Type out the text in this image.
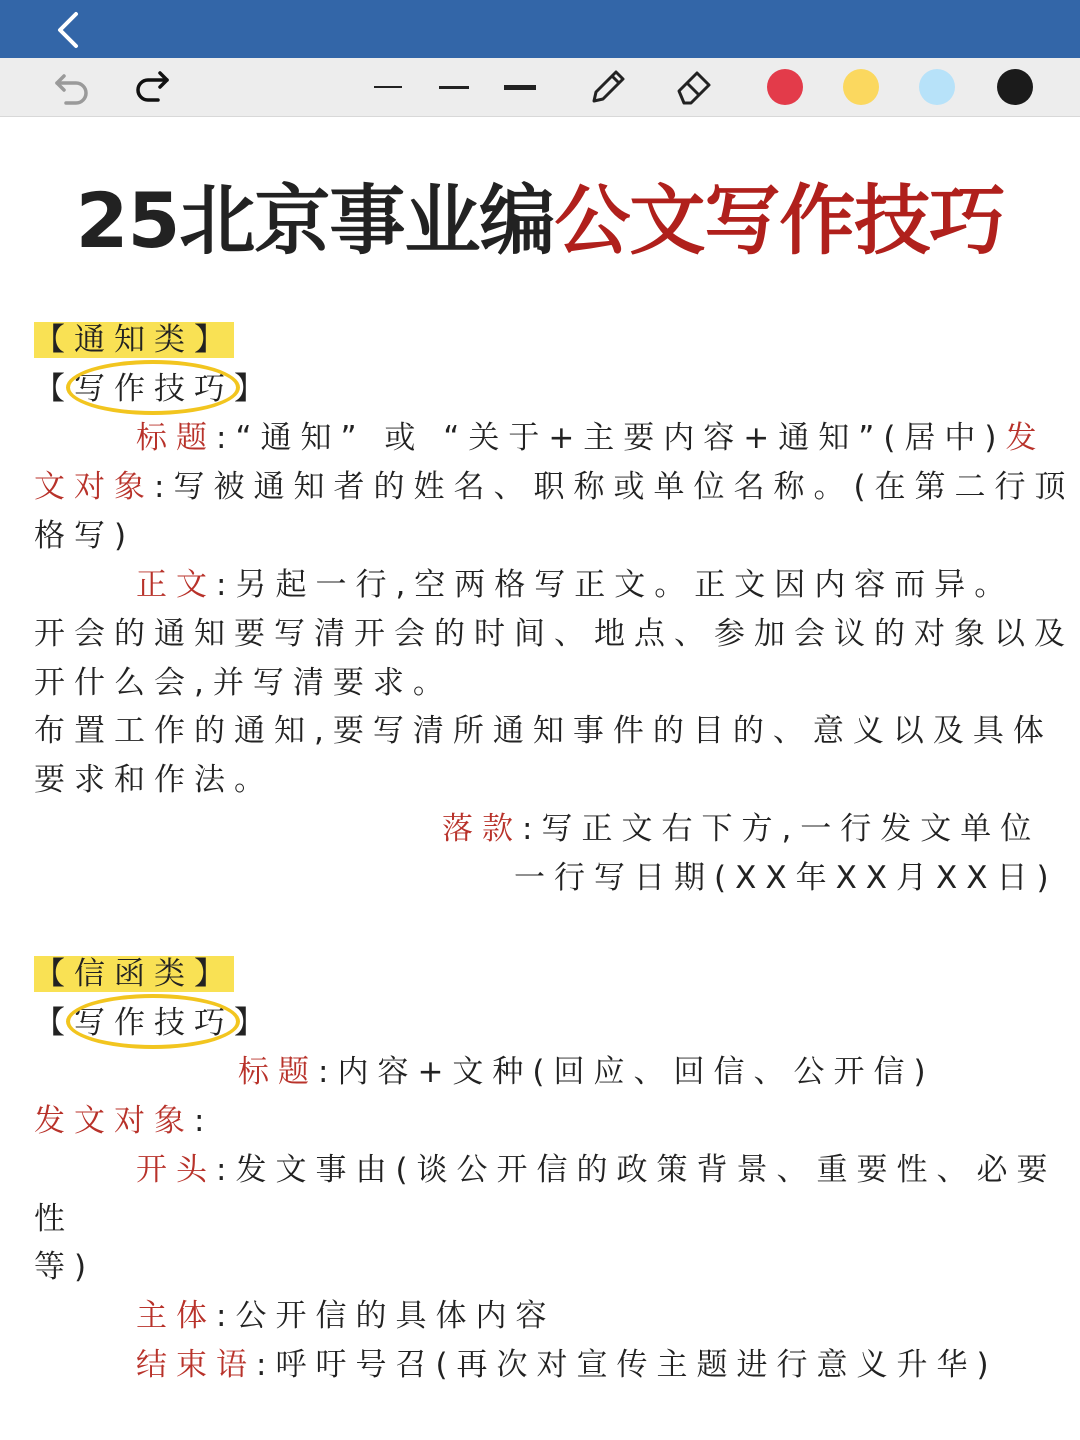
25北京事业编公文写作技巧
【通知类】
【写作技巧】
标题:“通知” 或 “关于+主要内容+通知”(居中)发
文对象:写被通知者的姓名、职称或单位名称。(在第二行顶
格写)
正文:另起一行,空两格写正文。正文因内容而异。
开会的通知要写清开会的时间、地点、参加会议的对象以及
开什么会,并写清要求。
布置工作的通知,要写清所通知事件的目的、意义以及具体
要求和作法。
落款:写正文右下方,一行发文单位
一行写日期(XX年XX月XX日)
【信函类】
【写作技巧】
标题:内容+文种(回应、回信、公开信)
发文对象:
开头:发文事由(谈公开信的政策背景、重要性、必要
性
等)
主体:公开信的具体内容
结束语:呼吁号召(再次对宣传主题进行意义升华)
